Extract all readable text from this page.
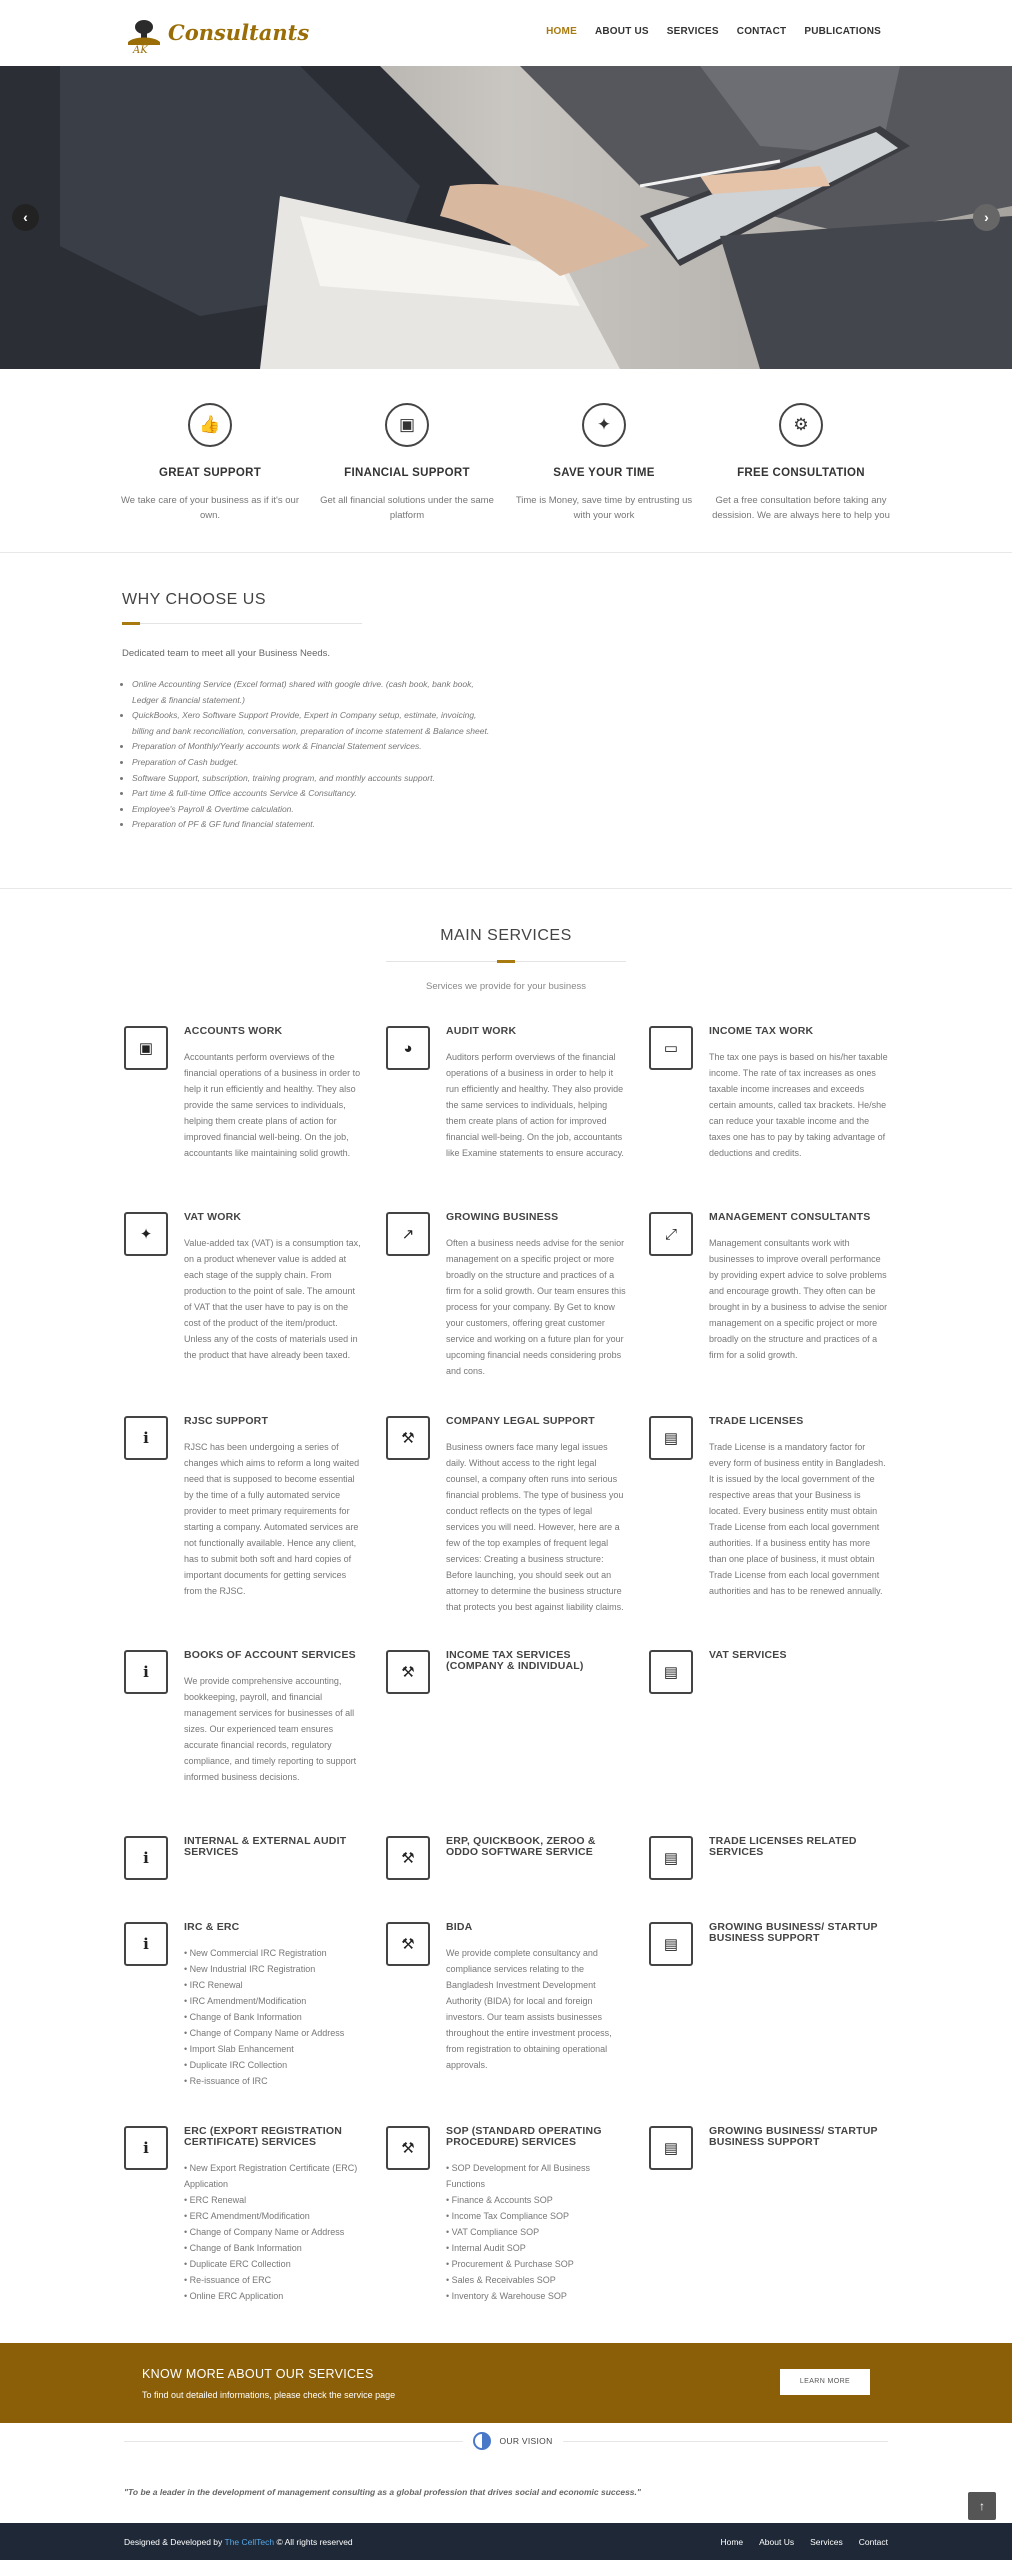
AK
Consultants	HOME	ABOUT US	SERVICES	CONTACT	PUBLICATIONS
‹	›
👍
GREAT SUPPORT

We take care of your business as if it's our own.

▣
FINANCIAL SUPPORT

Get all financial solutions under the same platform

✦
SAVE YOUR TIME

Time is Money, save time by entrusting us with your work

⚙
FREE CONSULTATION

Get a free consultation before taking any dessision. We are always here to help you

WHY CHOOSE US
Dedicated team to meet all your Business Needs.
• Online Accounting Service (Excel format) shared with google drive. (cash book, bank book, Ledger & financial statement.)
• QuickBooks, Xero Software Support Provide, Expert in Company setup, estimate, invoicing, billing and bank reconciliation, conversation, preparation of income statement & Balance sheet.
• Preparation of Monthly/Yearly accounts work & Financial Statement services.
• Preparation of Cash budget.
• Software Support, subscription, training program, and monthly accounts support.
• Part time & full-time Office accounts Service & Consultancy.
• Employee's Payroll & Overtime calculation.
• Preparation of PF & GF fund financial statement.
MAIN SERVICES
Services we provide for your business
▣
ACCOUNTS WORK

Accountants perform overviews of the financial operations of a business in order to help it run efficiently and healthy. They also provide the same services to individuals, helping them create plans of action for improved financial well-being. On the job, accountants like maintaining solid growth.

◕
AUDIT WORK

Auditors perform overviews of the financial operations of a business in order to help it run efficiently and healthy. They also provide the same services to individuals, helping them create plans of action for improved financial well-being. On the job, accountants like Examine statements to ensure accuracy.

▭
INCOME TAX WORK

The tax one pays is based on his/her taxable income. The rate of tax increases as ones taxable income increases and exceeds certain amounts, called tax brackets. He/she can reduce your taxable income and the taxes one has to pay by taking advantage of deductions and credits.

✦
VAT WORK

Value-added tax (VAT) is a consumption tax, on a product whenever value is added at each stage of the supply chain. From production to the point of sale. The amount of VAT that the user have to pay is on the cost of the product of the item/product. Unless any of the costs of materials used in the product that have already been taxed.

↗
GROWING BUSINESS

Often a business needs advise for the senior management on a specific project or more broadly on the structure and practices of a firm for a solid growth. Our team ensures this process for your company. By Get to know your customers, offering great customer service and working on a future plan for your upcoming financial needs considering probs and cons.

⤢
MANAGEMENT CONSULTANTS

Management consultants work with businesses to improve overall performance by providing expert advice to solve problems and encourage growth. They often can be brought in by a business to advise the senior management on a specific project or more broadly on the structure and practices of a firm for a solid growth.

i
RJSC SUPPORT

RJSC has been undergoing a series of changes which aims to reform a long waited need that is supposed to become essential by the time of a fully automated service provider to meet primary requirements for starting a company. Automated services are not functionally available. Hence any client, has to submit both soft and hard copies of important documents for getting services from the RJSC.

⚒
COMPANY LEGAL SUPPORT

Business owners face many legal issues daily. Without access to the right legal counsel, a company often runs into serious financial problems. The type of business you conduct reflects on the types of legal services you will need. However, here are a few of the top examples of frequent legal services: Creating a business structure: Before launching, you should seek out an attorney to determine the business structure that protects you best against liability claims.

▤
TRADE LICENSES

Trade License is a mandatory factor for every form of business entity in Bangladesh. It is issued by the local government of the respective areas that your Business is located. Every business entity must obtain Trade License from each local government authorities. If a business entity has more than one place of business, it must obtain Trade License from each local government authorities and has to be renewed annually.

i
BOOKS OF ACCOUNT SERVICES

We provide comprehensive accounting, bookkeeping, payroll, and financial management services for businesses of all sizes. Our experienced team ensures accurate financial records, regulatory compliance, and timely reporting to support informed business decisions.

⚒
INCOME TAX SERVICES (COMPANY & INDIVIDUAL)	▤
VAT SERVICES
i
INTERNAL & EXTERNAL AUDIT SERVICES	⚒
ERP, QUICKBOOK, ZEROO & ODDO SOFTWARE SERVICE	▤
TRADE LICENSES RELATED SERVICES
i
IRC & ERC
• New Commercial IRC Registration
• New Industrial IRC Registration
• IRC Renewal
• IRC Amendment/Modification
• Change of Bank Information
• Change of Company Name or Address
• Import Slab Enhancement
• Duplicate IRC Collection
• Re-issuance of IRC
⚒
BIDA

We provide complete consultancy and compliance services relating to the Bangladesh Investment Development Authority (BIDA) for local and foreign investors. Our team assists businesses throughout the entire investment process, from registration to obtaining operational approvals.

▤
GROWING BUSINESS/ STARTUP BUSINESS SUPPORT
i
ERC (EXPORT REGISTRATION CERTIFICATE) SERVICES
• New Export Registration Certificate (ERC) Application
• ERC Renewal
• ERC Amendment/Modification
• Change of Company Name or Address
• Change of Bank Information
• Duplicate ERC Collection
• Re-issuance of ERC
• Online ERC Application
⚒
SOP (STANDARD OPERATING PROCEDURE) SERVICES
• SOP Development for All Business Functions
• Finance & Accounts SOP
• Income Tax Compliance SOP
• VAT Compliance SOP
• Internal Audit SOP
• Procurement & Purchase SOP
• Sales & Receivables SOP
• Inventory & Warehouse SOP
▤
GROWING BUSINESS/ STARTUP BUSINESS SUPPORT
KNOW MORE ABOUT OUR SERVICES

To find out detailed informations, please check the service page

LEARN MORE
OUR VISION
"To be a leader in the development of management consulting as a global profession that drives social and economic success."
Designed & Developed by The CellTech © All rights reserved	Home About Us Services Contact
↑
